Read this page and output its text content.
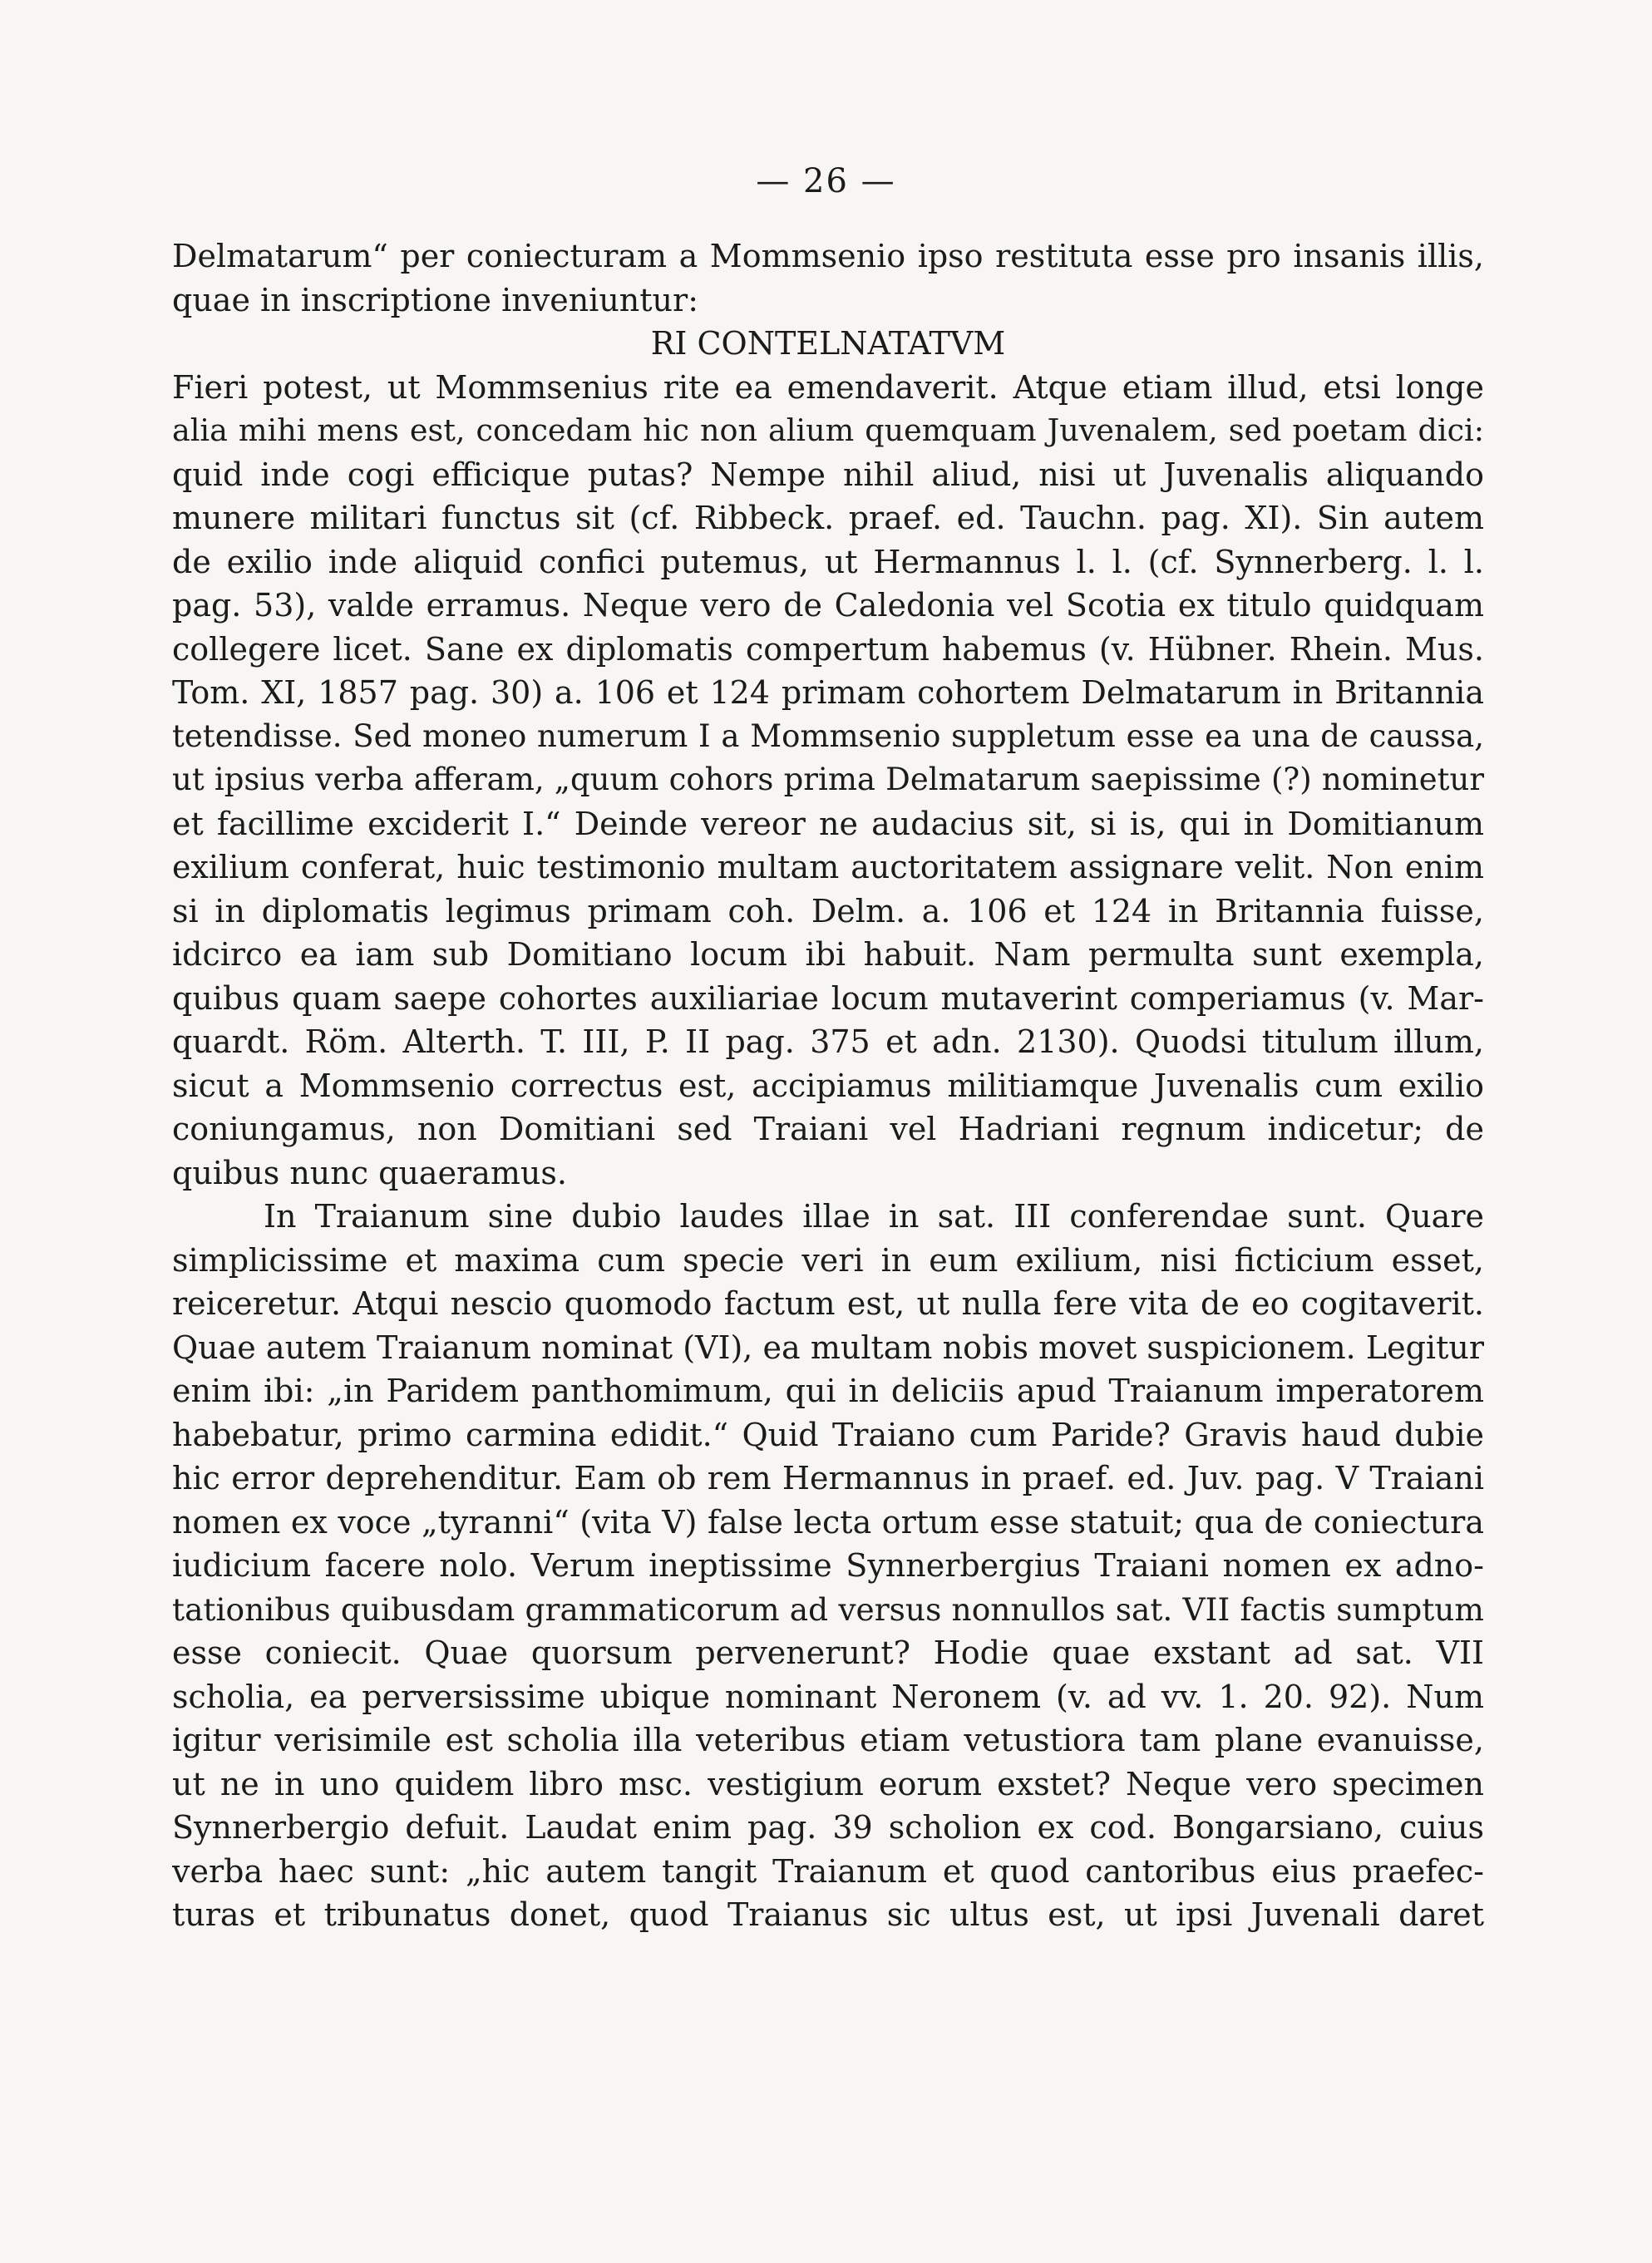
— 26 —
Delmatarum“ per coniecturam a Mommsenio ipso restituta esse pro insanis illis,
quae in inscriptione inveniuntur:
RI CONTELNATATVM
Fieri potest, ut Mommsenius rite ea emendaverit. Atque etiam illud, etsi longe
alia mihi mens est, concedam hic non alium quemquam Juvenalem, sed poetam dici:
quid inde cogi efficique putas? Nempe nihil aliud, nisi ut Juvenalis aliquando
munere militari functus sit (cf. Ribbeck. praef. ed. Tauchn. pag. XI). Sin autem
de exilio inde aliquid confici putemus, ut Hermannus l. l. (cf. Synnerberg. l. l.
pag. 53), valde erramus. Neque vero de Caledonia vel Scotia ex titulo quidquam
collegere licet. Sane ex diplomatis compertum habemus (v. Hübner. Rhein. Mus.
Tom. XI, 1857 pag. 30) a. 106 et 124 primam cohortem Delmatarum in Britannia
tetendisse. Sed moneo numerum I a Mommsenio suppletum esse ea una de caussa,
ut ipsius verba afferam, „quum cohors prima Delmatarum saepissime (?) nominetur
et facillime exciderit I.“ Deinde vereor ne audacius sit, si is, qui in Domitianum
exilium conferat, huic testimonio multam auctoritatem assignare velit. Non enim
si in diplomatis legimus primam coh. Delm. a. 106 et 124 in Britannia fuisse,
idcirco ea iam sub Domitiano locum ibi habuit. Nam permulta sunt exempla,
quibus quam saepe cohortes auxiliariae locum mutaverint comperiamus (v. Mar-
quardt. Röm. Alterth. T. III, P. II pag. 375 et adn. 2130). Quodsi titulum illum,
sicut a Mommsenio correctus est, accipiamus militiamque Juvenalis cum exilio
coniungamus, non Domitiani sed Traiani vel Hadriani regnum indicetur; de
quibus nunc quaeramus.
In Traianum sine dubio laudes illae in sat. III conferendae sunt. Quare
simplicissime et maxima cum specie veri in eum exilium, nisi ficticium esset,
reiceretur. Atqui nescio quomodo factum est, ut nulla fere vita de eo cogitaverit.
Quae autem Traianum nominat (VI), ea multam nobis movet suspicionem. Legitur
enim ibi: „in Paridem panthomimum, qui in deliciis apud Traianum imperatorem
habebatur, primo carmina edidit.“ Quid Traiano cum Paride? Gravis haud dubie
hic error deprehenditur. Eam ob rem Hermannus in praef. ed. Juv. pag. V Traiani
nomen ex voce „tyranni“ (vita V) false lecta ortum esse statuit; qua de coniectura
iudicium facere nolo. Verum ineptissime Synnerbergius Traiani nomen ex adno-
tationibus quibusdam grammaticorum ad versus nonnullos sat. VII factis sumptum
esse coniecit. Quae quorsum pervenerunt? Hodie quae exstant ad sat. VII
scholia, ea perversissime ubique nominant Neronem (v. ad vv. 1. 20. 92). Num
igitur verisimile est scholia illa veteribus etiam vetustiora tam plane evanuisse,
ut ne in uno quidem libro msc. vestigium eorum exstet? Neque vero specimen
Synnerbergio defuit. Laudat enim pag. 39 scholion ex cod. Bongarsiano, cuius
verba haec sunt: „hic autem tangit Traianum et quod cantoribus eius praefec-
turas et tribunatus donet, quod Traianus sic ultus est, ut ipsi Juvenali daret
